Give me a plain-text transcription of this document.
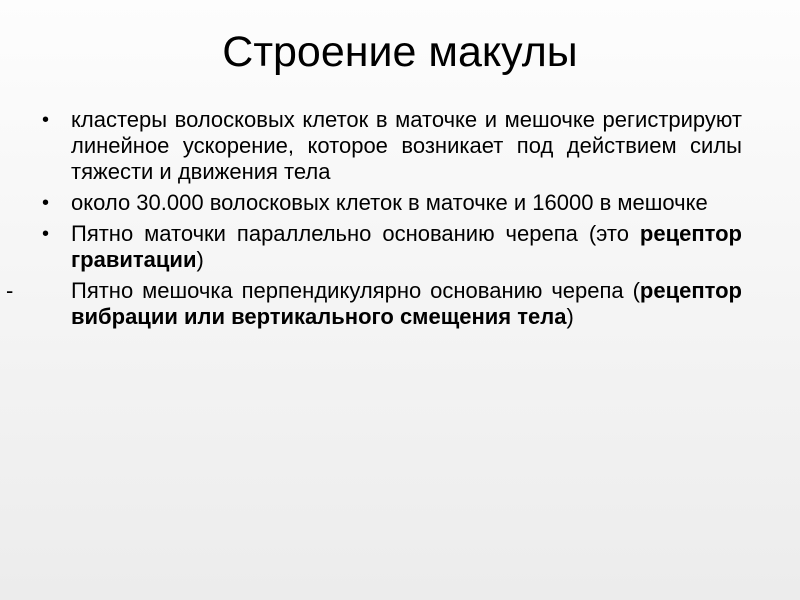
Строение макулы
• кластеры волосковых клеток в маточке и мешочке регистрируют линейное ускорение, которое возникает под действием силы тяжести и движения тела
• около 30.000 волосковых клеток в маточке и 16000 в мешочке
• Пятно маточки параллельно основанию черепа (это рецептор гравитации)
-	Пятно мешочка перпендикулярно основанию черепа (рецептор вибрации или вертикального смещения тела)
